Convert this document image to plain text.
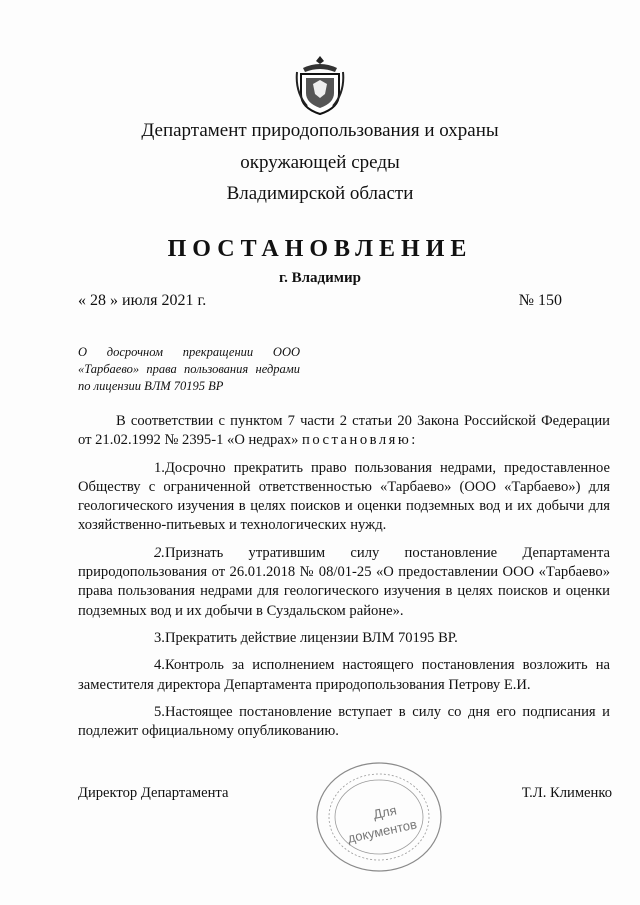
Департамент природопользования и охраны
окружающей среды
Владимирской области
ПОСТАНОВЛЕНИЕ
г. Владимир
« 28 » июля 2021 г.	№ 150
О досрочном прекращении ООО «Тарбаево» права пользования недрами по лицензии ВЛМ 70195 ВР

В соответствии с пунктом 7 части 2 статьи 20 Закона Российской Федерации от 21.02.1992 № 2395-1 «О недрах» постановляю:

1.Досрочно прекратить право пользования недрами, предоставленное Обществу с ограниченной ответственностью «Тарбаево» (ООО «Тарбаево») для геологического изучения в целях поисков и оценки подземных вод и их добычи для хозяйственно-питьевых и технологических нужд.

2.Признать утратившим силу постановление Департамента природопользования от 26.01.2018 № 08/01-25 «О предоставлении ООО «Тарбаево» права пользования недрами для геологического изучения в целях поисков и оценки подземных вод и их добычи в Суздальском районе».

3.Прекратить действие лицензии ВЛМ 70195 ВР.

4.Контроль за исполнением настоящего постановления возложить на заместителя директора Департамента природопользования Петрову Е.И.

5.Настоящее постановление вступает в силу со дня его подписания и подлежит официальному опубликованию.

Директор Департамента	Т.Л. Клименко
Для
документов
